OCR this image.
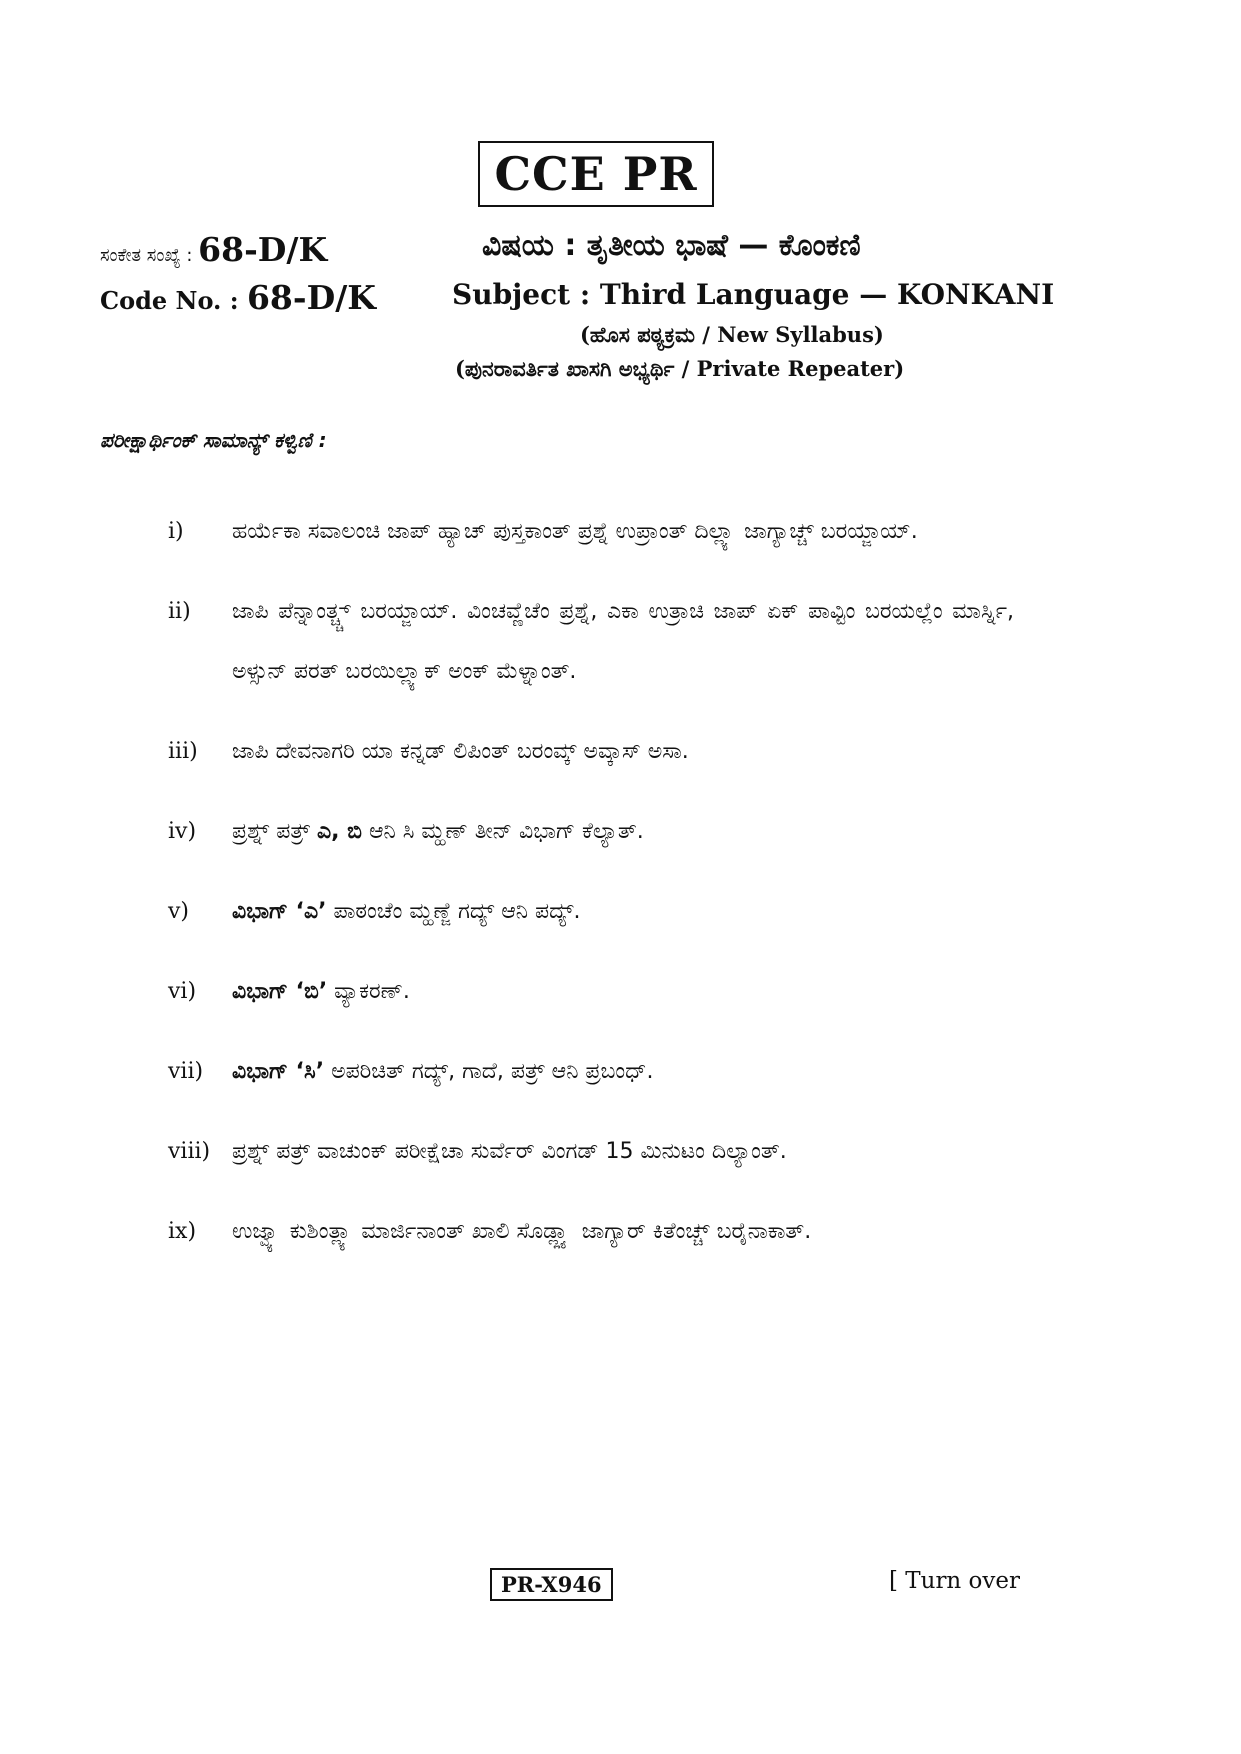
CCE PR
ಸಂಕೇತ ಸಂಖ್ಯೆ : 68-D/K
Code No. : 68-D/K
ವಿಷಯ : ತೃತೀಯ ಭಾಷೆ — ಕೊಂಕಣಿ
Subject : Third Language — KONKANI
(ಹೊಸ ಪಠ್ಯಕ್ರಮ / New Syllabus)
(ಪುನರಾವರ್ತಿತ ಖಾಸಗಿ ಅಭ್ಯರ್ಥಿ / Private Repeater)
ಪರೀಕ್ಷಾರ್ಥಿಂಕ್ ಸಾಮಾನ್ಯ್ ಕಳ್ವಿಣಿ :
i)	ಹರ್ಯೆಕಾ ಸವಾಲಂಚಿ ಜಾಪ್ ಹ್ಯಾಚ್ ಪುಸ್ತಕಾಂತ್ ಪ್ರಶ್ನೆ ಉಪ್ರಾಂತ್ ದಿಲ್ಲ್ಯಾ ಜಾಗ್ಯಾಚ್ಚ್ ಬರಯ್ಜಾಯ್.
ii)	ಜಾಪಿ ಪೆನ್ನಾಂತ್ಚ್ಚ್ ಬರಯ್ಜಾಯ್. ವಿಂಚವ್ಣೆಚೆಂ ಪ್ರಶ್ನೆ, ಎಕಾ ಉತ್ರಾಚಿ ಜಾಪ್ ಏಕ್ ಪಾವ್ಟಿಂ ಬರಯಲ್ಲೆಂ ಮಾರ್ಸ್ನಿ, ಅಳ್ಸುನ್ ಪರತ್ ಬರಯಿಲ್ಲ್ಯಾಕ್ ಅಂಕ್ ಮೆಳ್ನಾಂತ್.
iii)	ಜಾಪಿ ದೇವನಾಗರಿ ಯಾ ಕನ್ನಡ್ ಲಿಪಿಂತ್ ಬರಂವ್ಕ್ ಅವ್ಕಾಸ್ ಅಸಾ.
iv)	ಪ್ರಶ್ನ್ ಪತ್ರ್ ಎ, ಬಿ ಆನಿ ಸಿ ಮ್ಹಣ್ ತೀನ್ ವಿಭಾಗ್ ಕೆಲ್ಯಾತ್.
v)	ವಿಭಾಗ್ ‘ಎ’ ಪಾಠಂಚೆಂ ಮ್ಹಣ್ಜೆ ಗದ್ಯ್ ಆನಿ ಪದ್ಯ್.
vi)	ವಿಭಾಗ್ ‘ಬಿ’ ವ್ಯಾಕರಣ್.
vii)	ವಿಭಾಗ್ ‘ಸಿ’ ಅಪರಿಚಿತ್ ಗದ್ಯ್, ಗಾದೆ, ಪತ್ರ್ ಆನಿ ಪ್ರಬಂಧ್.
viii) ಪ್ರಶ್ನ್ ಪತ್ರ್ ವಾಚುಂಕ್ ಪರೀಕ್ಷೆಚಾ ಸುರ್ವೆರ್ ವಿಂಗಡ್ 15 ಮಿನುಟಂ ದಿಲ್ಯಾಂತ್.
ix)	ಉಜ್ವ್ಯಾ ಕುಶಿಂತ್ಲ್ಯಾ ಮಾರ್ಜಿನಾಂತ್ ಖಾಲಿ ಸೊಡ್ಲ್ಲ್ಯಾ ಜಾಗ್ಯಾರ್ ಕಿತೆಂಚ್ಚ್ ಬರೈನಾಕಾತ್.
PR-X946	[ Turn over
